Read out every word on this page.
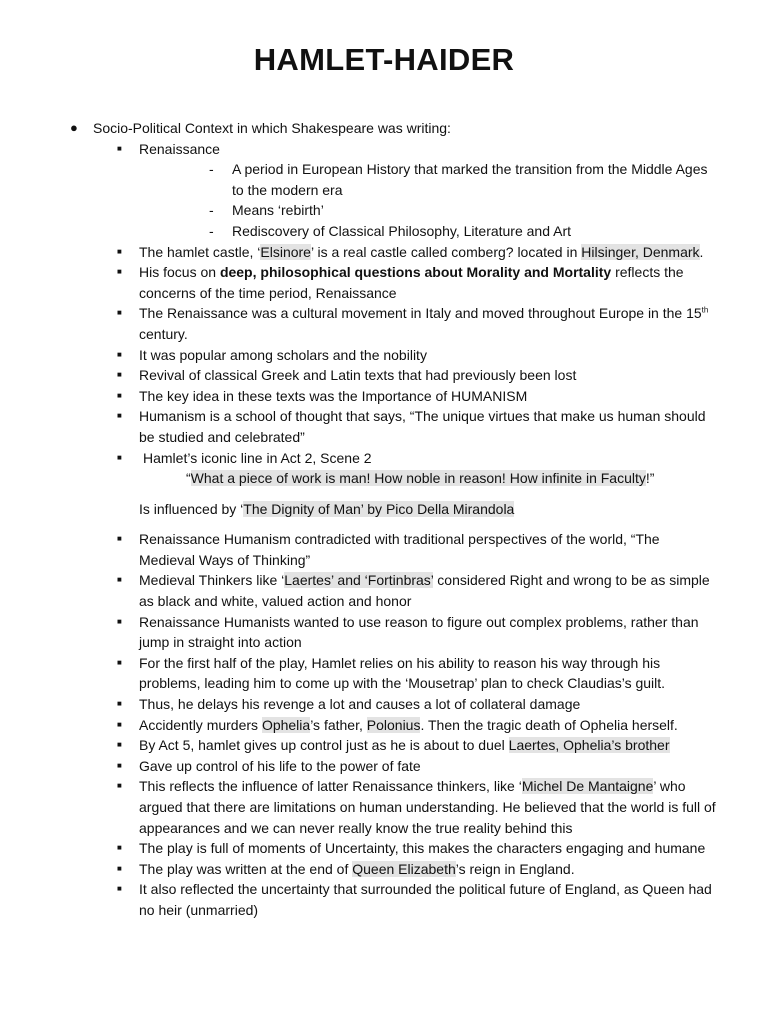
HAMLET-HAIDER
● Socio-Political Context in which Shakespeare was writing:
■ Renaissance
- A period in European History that marked the transition from the Middle Ages to the modern era
- Means ‘rebirth’
- Rediscovery of Classical Philosophy, Literature and Art
■ The hamlet castle, ‘Elsinore’ is a real castle called comberg? located in Hilsinger, Denmark.
■ His focus on deep, philosophical questions about Morality and Mortality reflects the concerns of the time period, Renaissance
■ The Renaissance was a cultural movement in Italy and moved throughout Europe in the 15th century.
■ It was popular among scholars and the nobility
■ Revival of classical Greek and Latin texts that had previously been lost
■ The key idea in these texts was the Importance of HUMANISM
■ Humanism is a school of thought that says, “The unique virtues that make us human should be studied and celebrated”
■ Hamlet’s iconic line in Act 2, Scene 2
“What a piece of work is man! How noble in reason! How infinite in Faculty!”
Is influenced by ‘The Dignity of Man’ by Pico Della Mirandola
■ Renaissance Humanism contradicted with traditional perspectives of the world, “The Medieval Ways of Thinking”
■ Medieval Thinkers like ‘Laertes’ and ‘Fortinbras’ considered Right and wrong to be as simple as black and white, valued action and honor
■ Renaissance Humanists wanted to use reason to figure out complex problems, rather than jump in straight into action
■ For the first half of the play, Hamlet relies on his ability to reason his way through his problems, leading him to come up with the ‘Mousetrap’ plan to check Claudias’s guilt.
■ Thus, he delays his revenge a lot and causes a lot of collateral damage
■ Accidently murders Ophelia’s father, Polonius. Then the tragic death of Ophelia herself.
■ By Act 5, hamlet gives up control just as he is about to duel Laertes, Ophelia’s brother
■ Gave up control of his life to the power of fate
■ This reflects the influence of latter Renaissance thinkers, like ‘Michel De Mantaigne’ who argued that there are limitations on human understanding. He believed that the world is full of appearances and we can never really know the true reality behind this
■ The play is full of moments of Uncertainty, this makes the characters engaging and humane
■ The play was written at the end of Queen Elizabeth’s reign in England.
■ It also reflected the uncertainty that surrounded the political future of England, as Queen had no heir (unmarried)
